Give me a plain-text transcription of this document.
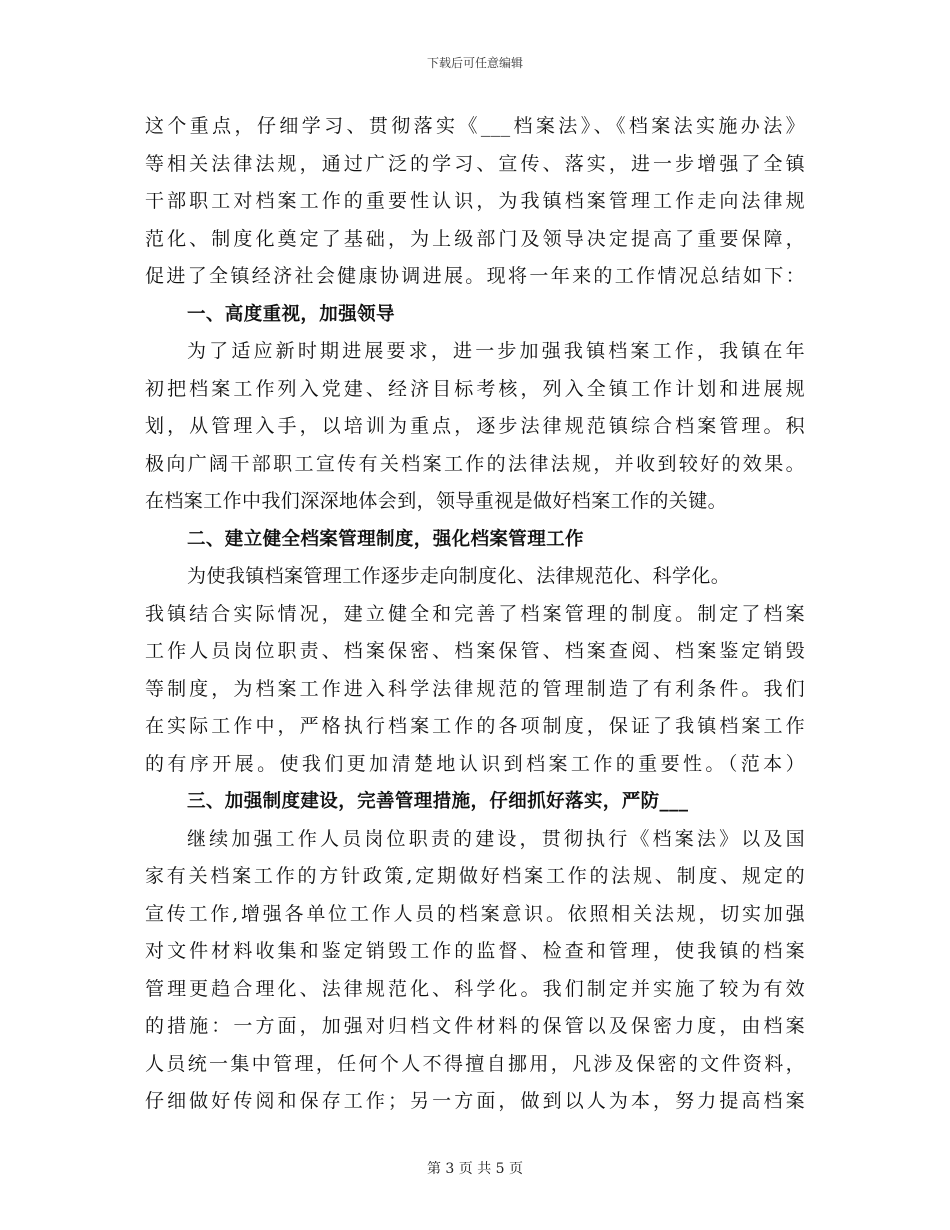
下载后可任意编辑
这个重点，仔细学习、贯彻落实《___档案法》、《档案法实施办法》
等相关法律法规，通过广泛的学习、宣传、落实，进一步增强了全镇
干部职工对档案工作的重要性认识，为我镇档案管理工作走向法律规
范化、制度化奠定了基础，为上级部门及领导决定提高了重要保障，
促进了全镇经济社会健康协调进展。现将一年来的工作情况总结如下：
一、高度重视，加强领导
为了适应新时期进展要求，进一步加强我镇档案工作，我镇在年
初把档案工作列入党建、经济目标考核，列入全镇工作计划和进展规
划，从管理入手，以培训为重点，逐步法律规范镇综合档案管理。积
极向广阔干部职工宣传有关档案工作的法律法规，并收到较好的效果。
在档案工作中我们深深地体会到，领导重视是做好档案工作的关键。
二、建立健全档案管理制度，强化档案管理工作
为使我镇档案管理工作逐步走向制度化、法律规范化、科学化。
我镇结合实际情况，建立健全和完善了档案管理的制度。制定了档案
工作人员岗位职责、档案保密、档案保管、档案查阅、档案鉴定销毁
等制度，为档案工作进入科学法律规范的管理制造了有利条件。我们
在实际工作中，严格执行档案工作的各项制度，保证了我镇档案工作
的有序开展。使我们更加清楚地认识到档案工作的重要性。（范本）
三、加强制度建设，完善管理措施，仔细抓好落实，严防___
继续加强工作人员岗位职责的建设，贯彻执行《档案法》以及国
家有关档案工作的方针政策,定期做好档案工作的法规、制度、规定的
宣传工作,增强各单位工作人员的档案意识。依照相关法规，切实加强
对文件材料收集和鉴定销毁工作的监督、检查和管理，使我镇的档案
管理更趋合理化、法律规范化、科学化。我们制定并实施了较为有效
的措施：一方面，加强对归档文件材料的保管以及保密力度，由档案
人员统一集中管理，任何个人不得擅自挪用，凡涉及保密的文件资料，
仔细做好传阅和保存工作；另一方面，做到以人为本，努力提高档案
第 3 页 共 5 页
